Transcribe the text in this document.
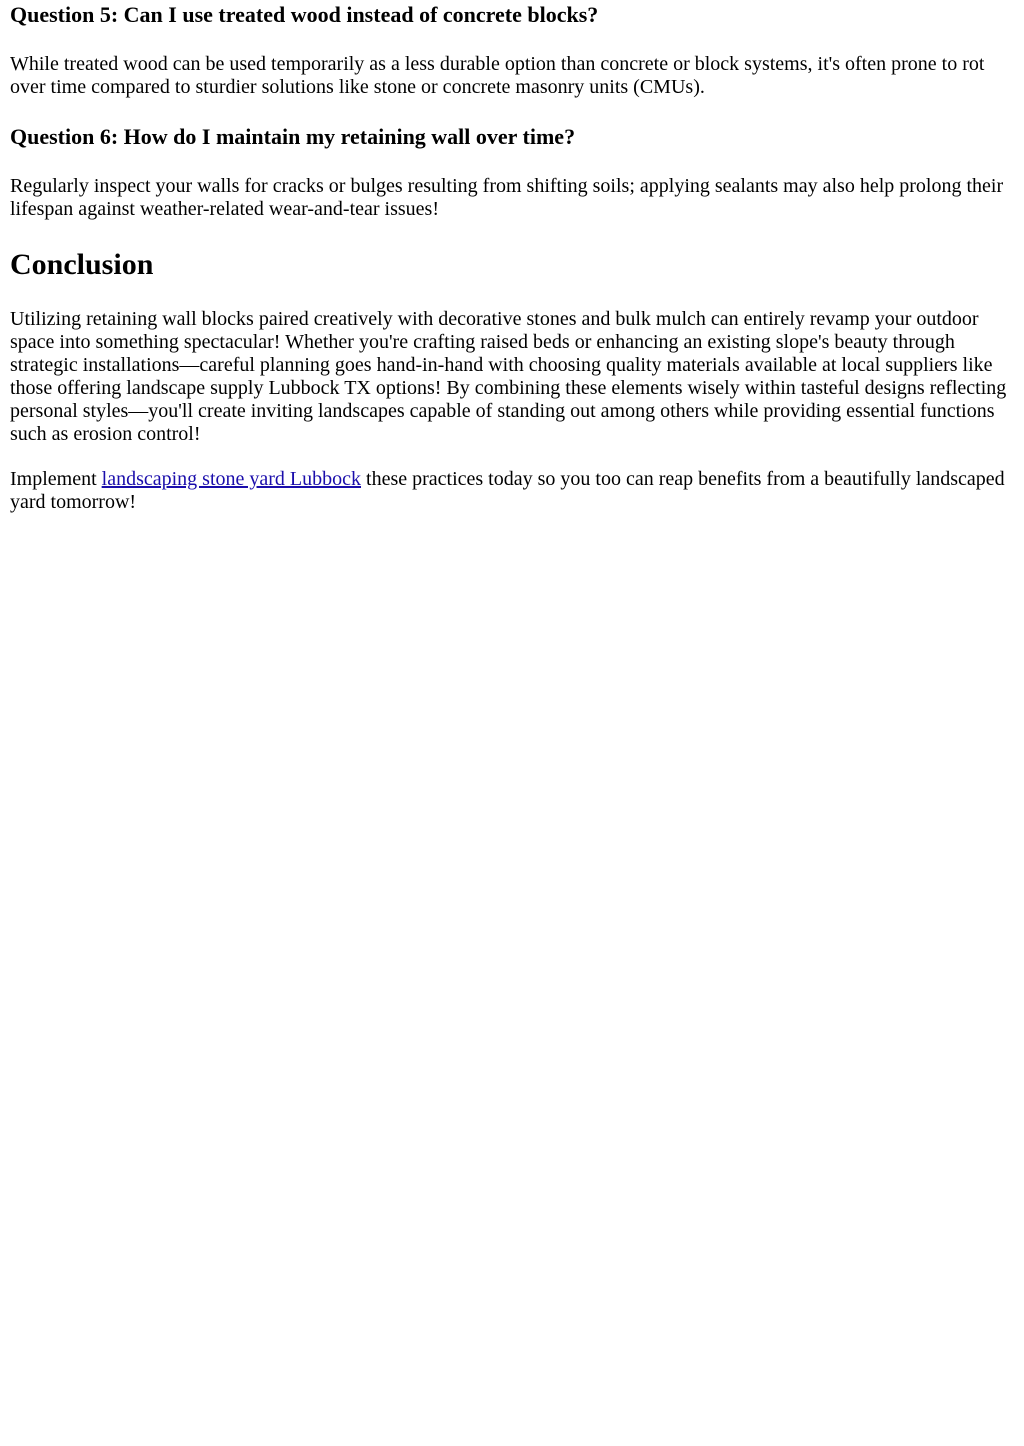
Question 5: Can I use treated wood instead of concrete blocks?

While treated wood can be used temporarily as a less durable option than concrete or block systems, it's often prone to rot over time compared to sturdier solutions like stone or concrete masonry units (CMUs).

Question 6: How do I maintain my retaining wall over time?

Regularly inspect your walls for cracks or bulges resulting from shifting soils; applying sealants may also help prolong their lifespan against weather-related wear-and-tear issues!

Conclusion

Utilizing retaining wall blocks paired creatively with decorative stones and bulk mulch can entirely revamp your outdoor space into something spectacular! Whether you're crafting raised beds or enhancing an existing slope's beauty through strategic installations—careful planning goes hand-in-hand with choosing quality materials available at local suppliers like those offering landscape supply Lubbock TX options! By combining these elements wisely within tasteful designs reflecting personal styles—you'll create inviting landscapes capable of standing out among others while providing essential functions such as erosion control!

Implement landscaping stone yard Lubbock these practices today so you too can reap benefits from a beautifully landscaped yard tomorrow!
